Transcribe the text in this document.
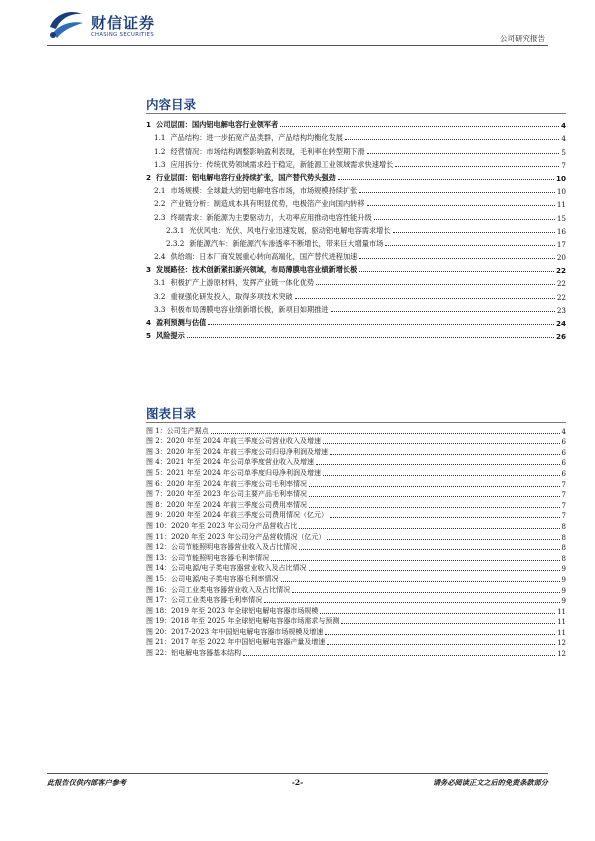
财信证券
CHASING SECURITIES	公司研究报告
内容目录
1 公司层面：国内铝电解电容行业领军者	4
1.1 产品结构：进一步拓宽产品类群，产品结构均衡化发展	4
1.2 经营情况：市场结构调整影响盈利表现，毛利率在转型期下滑	5
1.3 应用拆分：传统优势领域需求趋于稳定，新能源工业领域需求快速增长	7
2 行业层面：铝电解电容行业持续扩张，国产替代势头强劲	10
2.1 市场规模：全球最大的铝电解电容市场，市场规模持续扩张	10
2.2 产业链分析：制造成本具有明显优势，电极箔产业向国内转移	11
2.3 终端需求：新能源为主要驱动力，大功率应用推动电容性能升级	15
2.3.1 光伏风电：光伏、风电行业迅速发展，驱动铝电解电容需求增长	16
2.3.2 新能源汽车：新能源汽车渗透率不断增长，带来巨大增量市场	17
2.4 供给端：日本厂商发展重心转向高端化，国产替代进程加速	20
3 发展路径：技术创新紧扣新兴领域，布局薄膜电容业绩新增长极	22
3.1 积极扩产上游原材料，发挥产业链一体化优势	22
3.2 重视强化研发投入，取得多项技术突破	22
3.3 积极布局薄膜电容业绩新增长极，新项目如期推进	23
4 盈利预测与估值	24
5 风险提示	26
图表目录
图 1：公司生产据点	4
图 2：2020 年至 2024 年前三季度公司营业收入及增速	6
图 3：2020 年至 2024 年前三季度公司归母净利润及增速	6
图 4：2021 年至 2024 年公司单季度营业收入及增速	6
图 5：2021 年至 2024 年公司单季度归母净利润及增速	6
图 6：2020 年至 2024 年前三季度公司毛利率情况	7
图 7：2020 年至 2023 年公司主要产品毛利率情况	7
图 8：2020 年至 2024 年前三季度公司费用率情况	7
图 9：2020 年至 2024 年前三季度公司费用情况（亿元）	7
图 10：2020 年至 2023 年公司分产品营收占比	8
图 11：2020 年至 2023 年公司分产品营收情况（亿元）	8
图 12：公司节能照明电容器营业收入及占比情况	8
图 13：公司节能照明电容器毛利率情况	8
图 14：公司电源/电子类电容器营业收入及占比情况	9
图 15：公司电源/电子类电容器毛利率情况	9
图 16：公司工业类电容器营业收入及占比情况	9
图 17：公司工业类电容器毛利率情况	9
图 18：2019 年至 2023 年全球铝电解电容器市场规模	11
图 19：2018 年至 2025 年全球铝电解电容器市场需求与预测	11
图 20：2017-2023 年中国铝电解电容器市场规模及增速	11
图 21：2017 年至 2022 年中国铝电解电容器产量及增速	12
图 22：铝电解电容器基本结构	12
此报告仅供内部客户参考	-2-	请务必阅读正文之后的免责条款部分
